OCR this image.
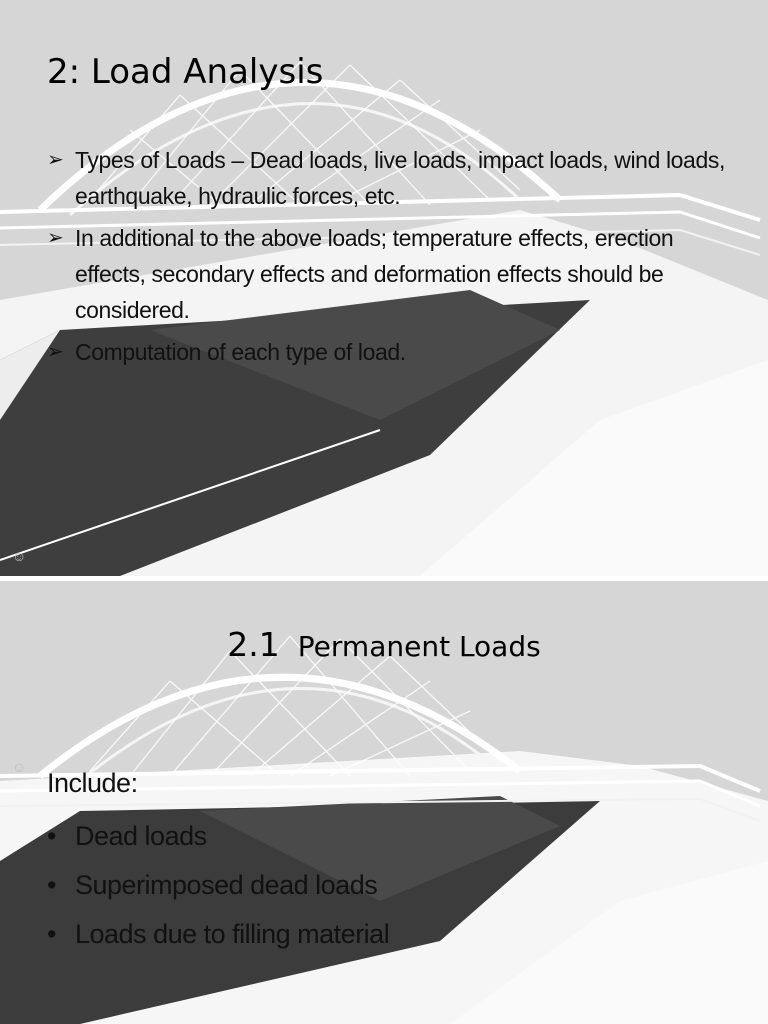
☺
2: Load Analysis
➢ Types of Loads – Dead loads, live loads, impact loads, wind loads, earthquake, hydraulic forces, etc.
➢ In additional to the above loads; temperature effects, erection effects, secondary effects and deformation effects should be considered.
➢ Computation of each type of load.
☺
2.1 Permanent Loads

Include:

• Dead loads
• Superimposed dead loads
• Loads due to filling material
